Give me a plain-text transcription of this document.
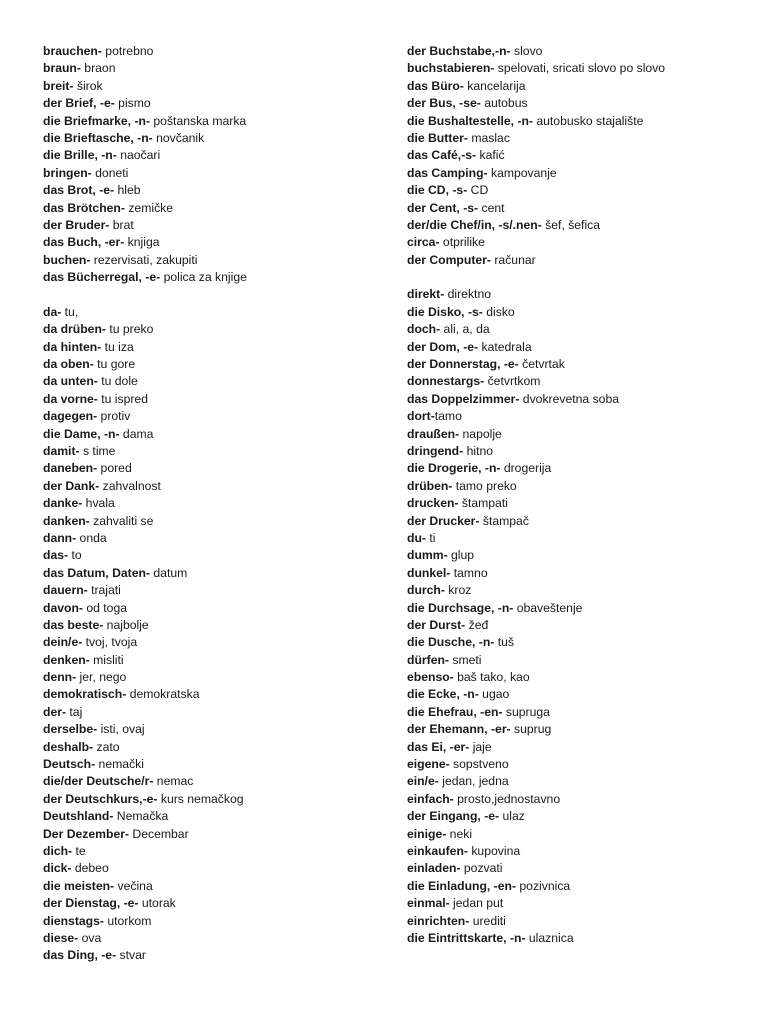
brauchen- potrebno
braun- braon
breit- širok
der Brief, -e- pismo
die Briefmarke, -n- poštanska marka
die Brieftasche, -n- novčanik
die Brille, -n- naočari
bringen- doneti
das Brot, -e- hleb
das Brötchen- zemičke
der Bruder- brat
das Buch, -er- knjiga
buchen- rezervisati, zakupiti
das Bücherregal, -e- polica za knjige
da- tu,
da drüben- tu preko
da hinten- tu iza
da oben- tu gore
da unten- tu dole
da vorne- tu ispred
dagegen- protiv
die Dame, -n- dama
damit- s time
daneben- pored
der Dank- zahvalnost
danke- hvala
danken- zahvaliti se
dann- onda
das- to
das Datum, Daten- datum
dauern- trajati
davon- od toga
das beste- najbolje
dein/e- tvoj, tvoja
denken- misliti
denn- jer, nego
demokratisch- demokratska
der- taj
derselbe- isti, ovaj
deshalb- zato
Deutsch- nemački
die/der Deutsche/r- nemac
der Deutschkurs,-e- kurs nemačkog
Deutshland- Nemačka
Der Dezember- Decembar
dich- te
dick- debeo
die meisten- večina
der Dienstag, -e- utorak
dienstags- utorkom
diese- ova
das Ding, -e- stvar
der Buchstabe,-n- slovo
buchstabieren- spelovati, sricati slovo po slovo
das Büro- kancelarija
der Bus, -se- autobus
die Bushaltestelle, -n- autobusko stajalište
die Butter- maslac
das Café,-s- kafić
das Camping- kampovanje
die CD, -s- CD
der Cent, -s- cent
der/die Chef/in, -s/.nen- šef, šefica
circa- otprilike
der Computer- računar
direkt- direktno
die Disko, -s- disko
doch- ali, a, da
der Dom, -e- katedrala
der Donnerstag, -e- četvrtak
donnestargs- četvrtkom
das Doppelzimmer- dvokrevetna soba
dort-tamo
draußen- napolje
dringend- hitno
die Drogerie, -n- drogerija
drüben- tamo preko
drucken- štampati
der Drucker- štampač
du- ti
dumm- glup
dunkel- tamno
durch- kroz
die Durchsage, -n- obaveštenje
der Durst- žeđ
die Dusche, -n- tuš
dürfen- smeti
ebenso- baš tako, kao
die Ecke, -n- ugao
die Ehefrau, -en- supruga
der Ehemann, -er- suprug
das Ei, -er- jaje
eigene- sopstveno
ein/e- jedan, jedna
einfach- prosto,jednostavno
der Eingang, -e- ulaz
einige- neki
einkaufen- kupovina
einladen- pozvati
die Einladung, -en- pozivnica
einmal- jedan put
einrichten- urediti
die Eintrittskarte, -n- ulaznica
